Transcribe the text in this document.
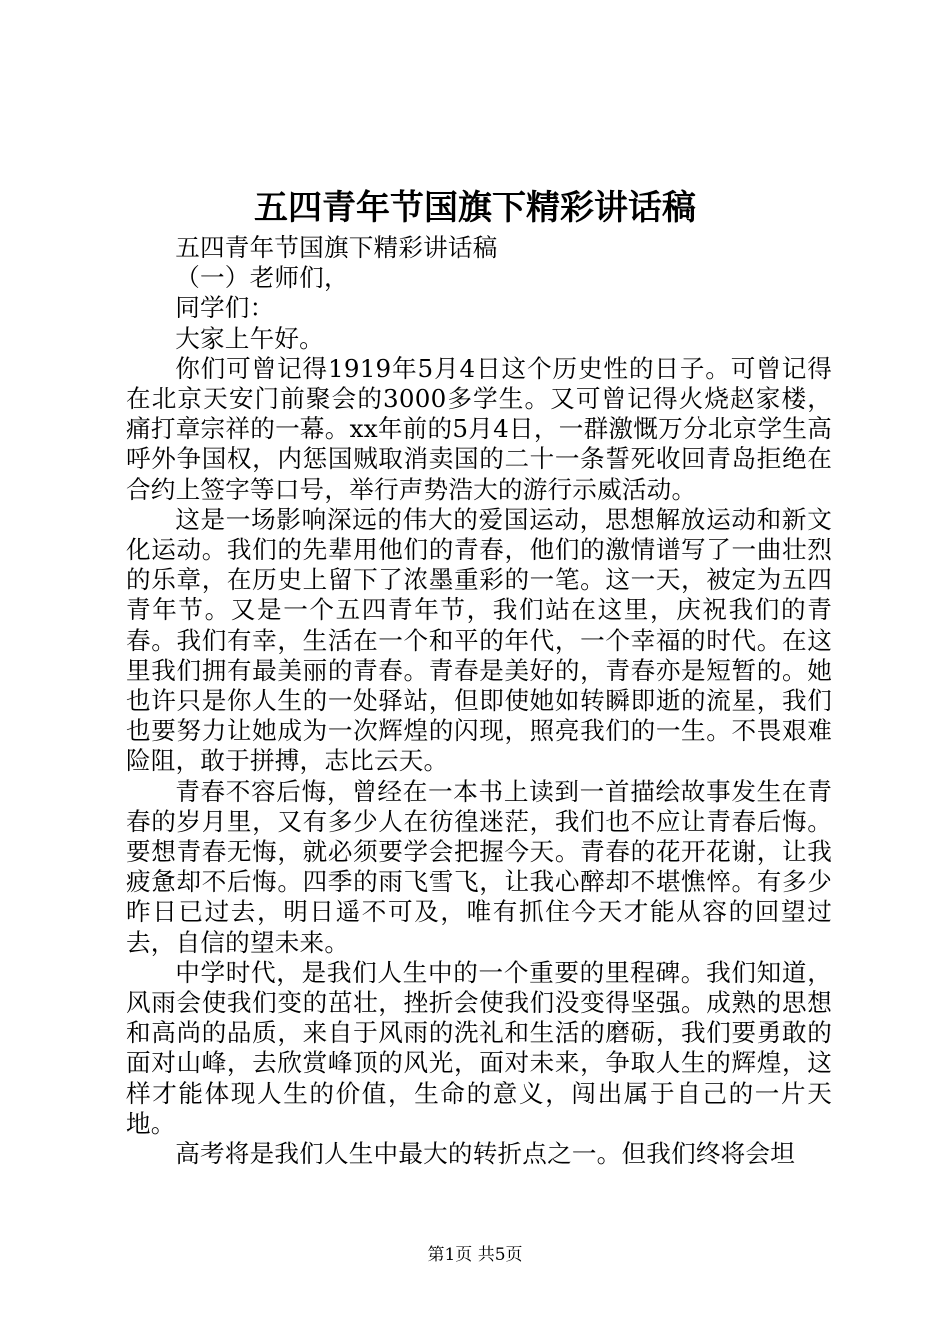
五四青年节国旗下精彩讲话稿

五四青年节国旗下精彩讲话稿

（一）老师们，

同学们：

大家上午好。

你们可曾记得1919年5月4日这个历史性的日子。可曾记得在北京天安门前聚会的3000多学生。又可曾记得火烧赵家楼，痛打章宗祥的一幕。xx年前的5月4日，一群激慨万分北京学生高呼外争国权，内惩国贼取消卖国的二十一条誓死收回青岛拒绝在合约上签字等口号，举行声势浩大的游行示威活动。

这是一场影响深远的伟大的爱国运动，思想解放运动和新文化运动。我们的先辈用他们的青春，他们的激情谱写了一曲壮烈的乐章，在历史上留下了浓墨重彩的一笔。这一天，被定为五四青年节。又是一个五四青年节，我们站在这里，庆祝我们的青春。我们有幸，生活在一个和平的年代，一个幸福的时代。在这里我们拥有最美丽的青春。青春是美好的，青春亦是短暂的。她也许只是你人生的一处驿站，但即使她如转瞬即逝的流星，我们也要努力让她成为一次辉煌的闪现，照亮我们的一生。不畏艰难险阻，敢于拼搏，志比云天。

青春不容后悔，曾经在一本书上读到一首描绘故事发生在青春的岁月里，又有多少人在彷徨迷茫，我们也不应让青春后悔。要想青春无悔，就必须要学会把握今天。青春的花开花谢，让我疲惫却不后悔。四季的雨飞雪飞，让我心醉却不堪憔悴。有多少昨日已过去，明日遥不可及，唯有抓住今天才能从容的回望过去，自信的望未来。

中学时代，是我们人生中的一个重要的里程碑。我们知道，风雨会使我们变的茁壮，挫折会使我们没变得坚强。成熟的思想和高尚的品质，来自于风雨的洗礼和生活的磨砺，我们要勇敢的面对山峰，去欣赏峰顶的风光，面对未来，争取人生的辉煌，这样才能体现人生的价值，生命的意义，闯出属于自己的一片天地。

高考将是我们人生中最大的转折点之一。但我们终将会坦

第1页 共5页
